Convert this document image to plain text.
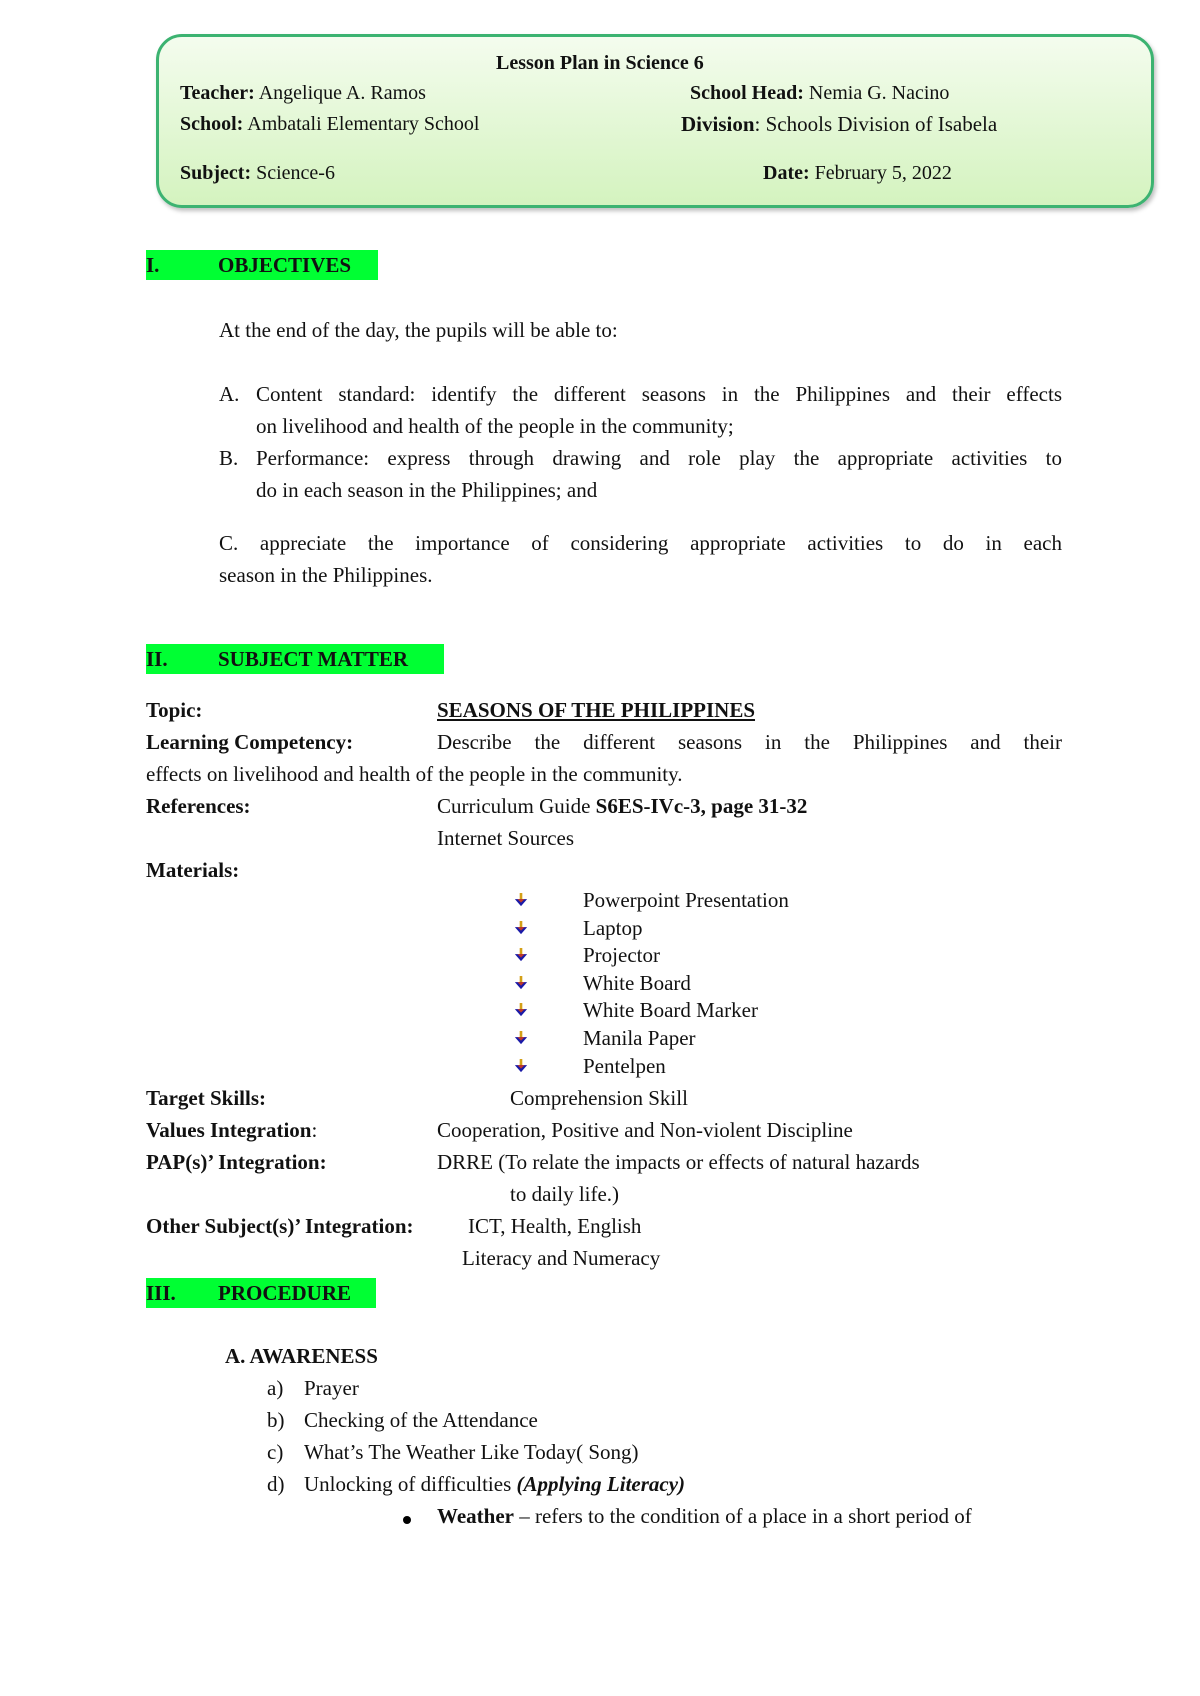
Lesson Plan in Science 6
Teacher: Angelique A. Ramos	School Head: Nemia G. Nacino
School: Ambatali Elementary School	Division: Schools Division of Isabela
Subject: Science-6	Date: February 5, 2022
I.	OBJECTIVES
At the end of the day, the pupils will be able to:
A. Content standard: identify the different seasons in the Philippines and their effects
on livelihood and health of the people in the community;
B. Performance: express through drawing and role play the appropriate activities to
do in each season in the Philippines; and
C. appreciate the importance of considering appropriate activities to do in each
season in the Philippines.
II. SUBJECT MATTER
Topic:	SEASONS OF THE PHILIPPINES
Learning Competency:	Describe the different seasons in the Philippines and their
effects on livelihood and health of the people in the community.
References:	Curriculum Guide S6ES-IVc-3, page 31-32
Internet Sources
Materials:
Powerpoint Presentation
Laptop
Projector
White Board
White Board Marker
Manila Paper
Pentelpen
Target Skills:	Comprehension Skill
Values Integration:	Cooperation, Positive and Non-violent Discipline
PAP(s)’ Integration:	DRRE (To relate the impacts or effects of natural hazards
to daily life.)
Other Subject(s)’ Integration:	ICT, Health, English
Literacy and Numeracy
III. PROCEDURE
A. AWARENESS
a) Prayer
b) Checking of the Attendance
c) What’s The Weather Like Today( Song)
d) Unlocking of difficulties (Applying Literacy)
Weather – refers to the condition of a place in a short period of
